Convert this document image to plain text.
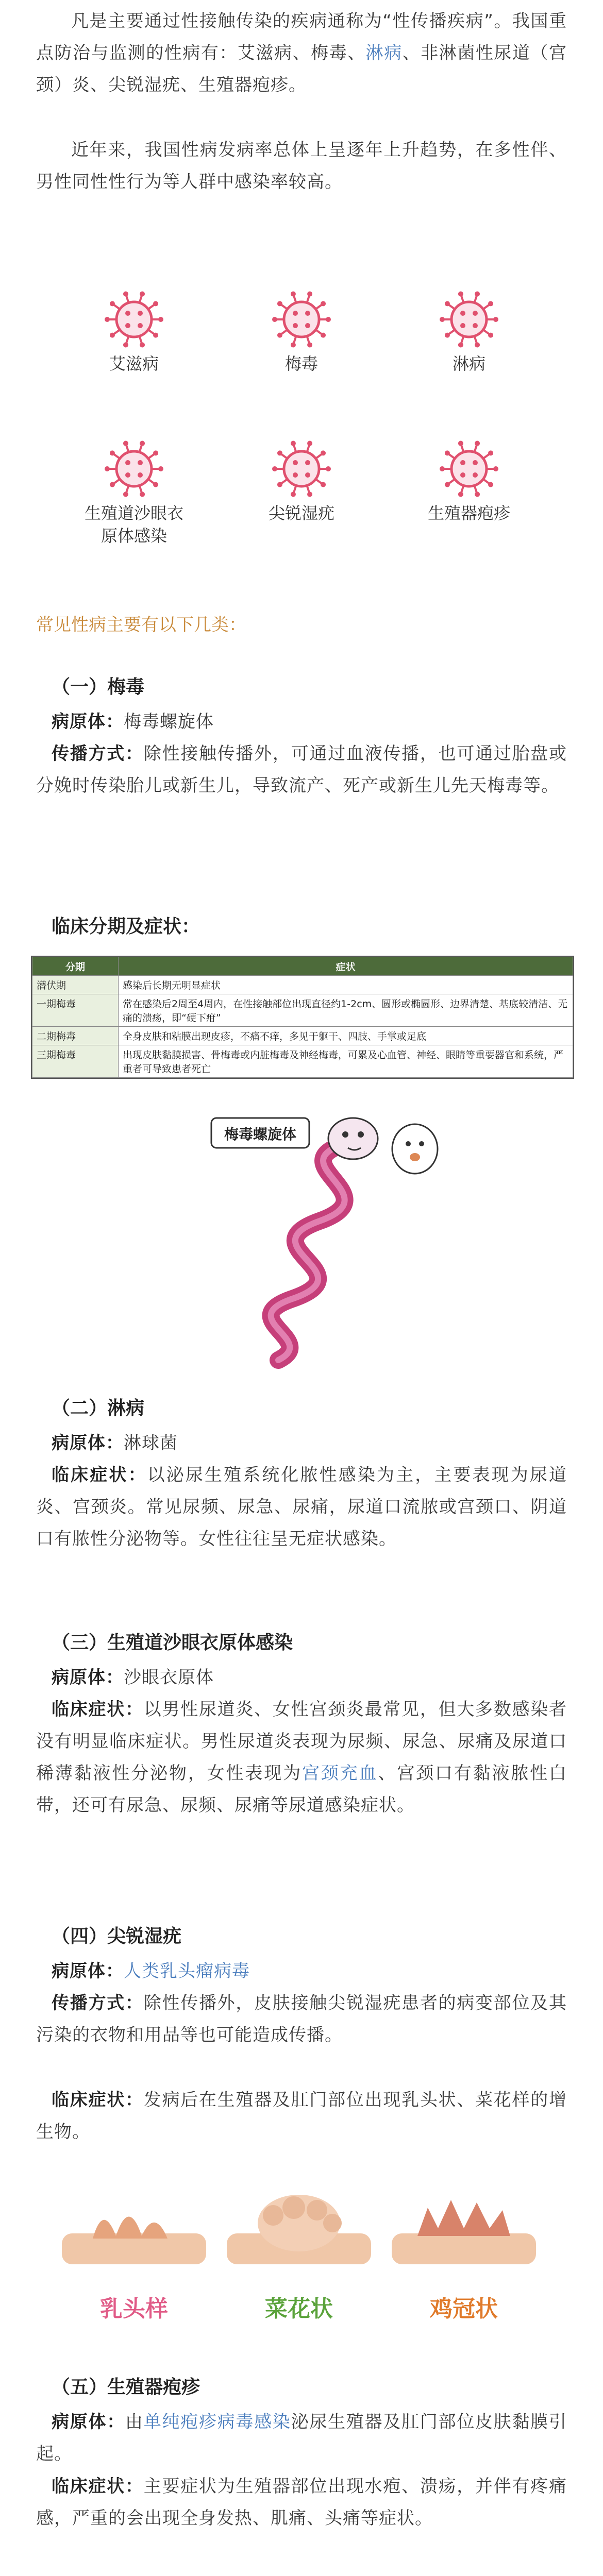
凡是主要通过性接触传染的疾病通称为“性传播疾病”。我国重点防治与监测的性病有：艾滋病、梅毒、淋病、非淋菌性尿道（宫颈）炎、尖锐湿疣、生殖器疱疹。

近年来，我国性病发病率总体上呈逐年上升趋势，在多性伴、男性同性性行为等人群中感染率较高。

艾滋病	梅毒	淋病
生殖道沙眼衣原体感染
尖锐湿疣	生殖器疱疹
常见性病主要有以下几类：
（一）梅毒

病原体：梅毒螺旋体

传播方式：除性接触传播外，可通过血液传播，也可通过胎盘或分娩时传染胎儿或新生儿，导致流产、死产或新生儿先天梅毒等。

临床分期及症状：
分期	症状
潜伏期	感染后长期无明显症状
一期梅毒	常在感染后2周至4周内，在性接触部位出现直径约1-2cm、圆形或椭圆形、边界清楚、基底较清洁、无痛的溃疡，即“硬下疳”
二期梅毒	全身皮肤和粘膜出现皮疹，不痛不痒，多见于躯干、四肢、手掌或足底
三期梅毒	出现皮肤黏膜损害、骨梅毒或内脏梅毒及神经梅毒，可累及心血管、神经、眼睛等重要器官和系统，严重者可导致患者死亡
梅毒螺旋体
（二）淋病

病原体：淋球菌

临床症状：以泌尿生殖系统化脓性感染为主，主要表现为尿道炎、宫颈炎。常见尿频、尿急、尿痛，尿道口流脓或宫颈口、阴道口有脓性分泌物等。女性往往呈无症状感染。

（三）生殖道沙眼衣原体感染

病原体：沙眼衣原体

临床症状：以男性尿道炎、女性宫颈炎最常见，但大多数感染者没有明显临床症状。男性尿道炎表现为尿频、尿急、尿痛及尿道口稀薄黏液性分泌物，女性表现为宫颈充血、宫颈口有黏液脓性白带，还可有尿急、尿频、尿痛等尿道感染症状。

（四）尖锐湿疣

病原体：人类乳头瘤病毒

传播方式：除性传播外，皮肤接触尖锐湿疣患者的病变部位及其污染的衣物和用品等也可能造成传播。

临床症状：发病后在生殖器及肛门部位出现乳头状、菜花样的增生物。

乳头样	菜花状	鸡冠状
（五）生殖器疱疹

病原体：由单纯疱疹病毒感染泌尿生殖器及肛门部位皮肤黏膜引起。

临床症状：主要症状为生殖器部位出现水疱、溃疡，并伴有疼痛感，严重的会出现全身发热、肌痛、头痛等症状。
